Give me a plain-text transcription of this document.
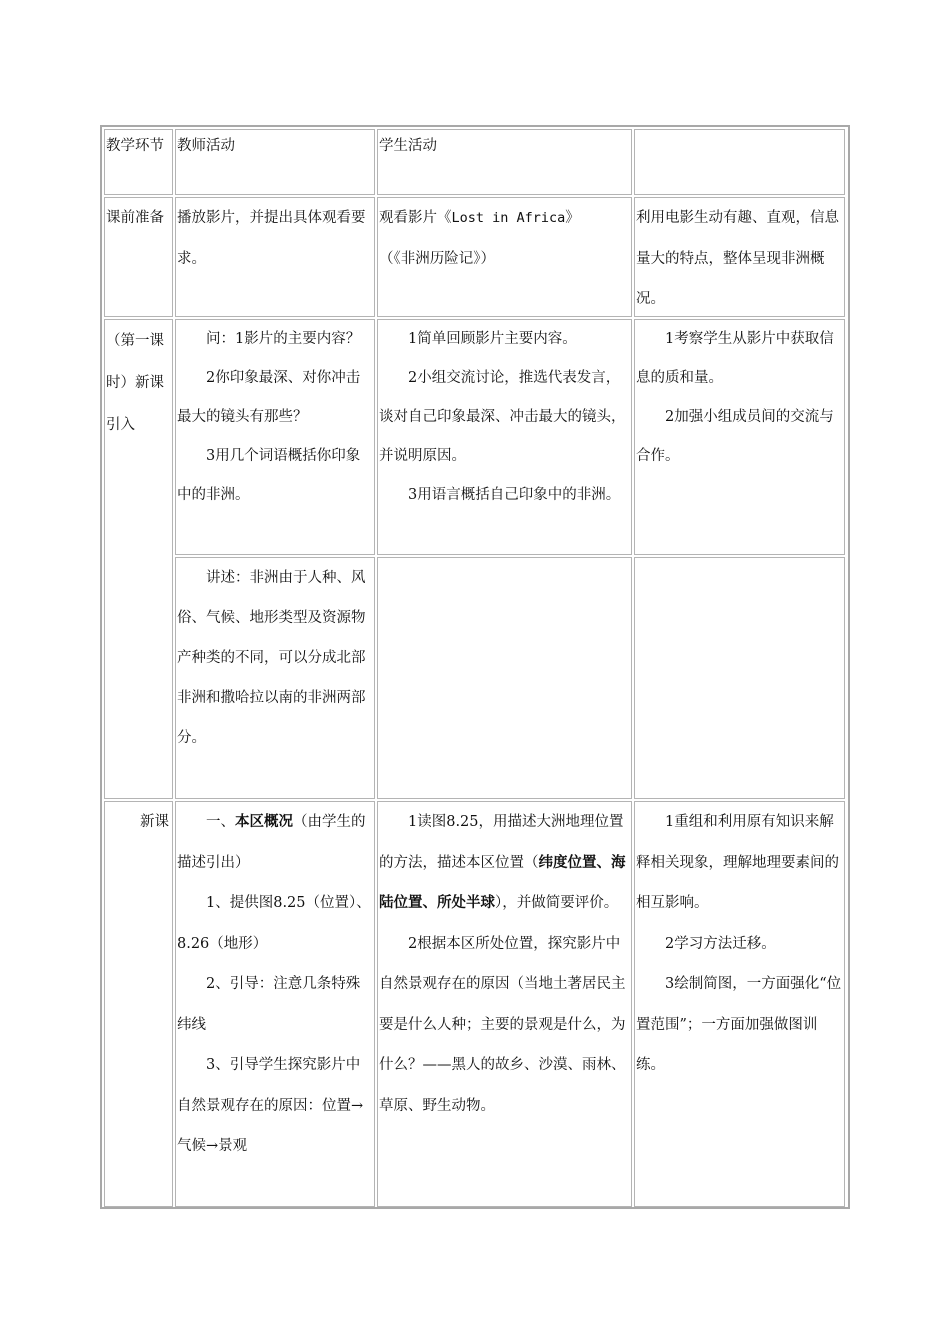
教学环节 教师活动	学生活动

课前准备 播放影片，并提出具体观看要求。

观看影片《Lost in Africa》

（《非洲历险记》）

利用电影生动有趣、直观，信息量大的特点，整体呈现非洲概况。

（第一课时）新课引入

问：1影片的主要内容？

2你印象最深、对你冲击最大的镜头有那些？

3用几个词语概括你印象中的非洲。

1简单回顾影片主要内容。

2小组交流讨论，推选代表发言，谈对自己印象最深、冲击最大的镜头，并说明原因。

3用语言概括自己印象中的非洲。

1考察学生从影片中获取信息的质和量。

2加强小组成员间的交流与合作。

讲述：非洲由于人种、风俗、气候、地形类型及资源物产种类的不同，可以分成北部非洲和撒哈拉以南的非洲两部分。

新课	一、本区概况（由学生的描述引出）

1、提供图8.25（位置）、8.26（地形）

2、引导：注意几条特殊纬线

3、引导学生探究影片中自然景观存在的原因：位置→气候→景观

1读图8.25，用描述大洲地理位置的方法，描述本区位置（纬度位置、海陆位置、所处半球），并做简要评价。

2根据本区所处位置，探究影片中自然景观存在的原因（当地土著居民主要是什么人种；主要的景观是什么，为什么？——黑人的故乡、沙漠、雨林、草原、野生动物。

1重组和利用原有知识来解释相关现象，理解地理要素间的相互影响。

2学习方法迁移。

3绘制简图，一方面强化“位置范围”；一方面加强做图训练。
